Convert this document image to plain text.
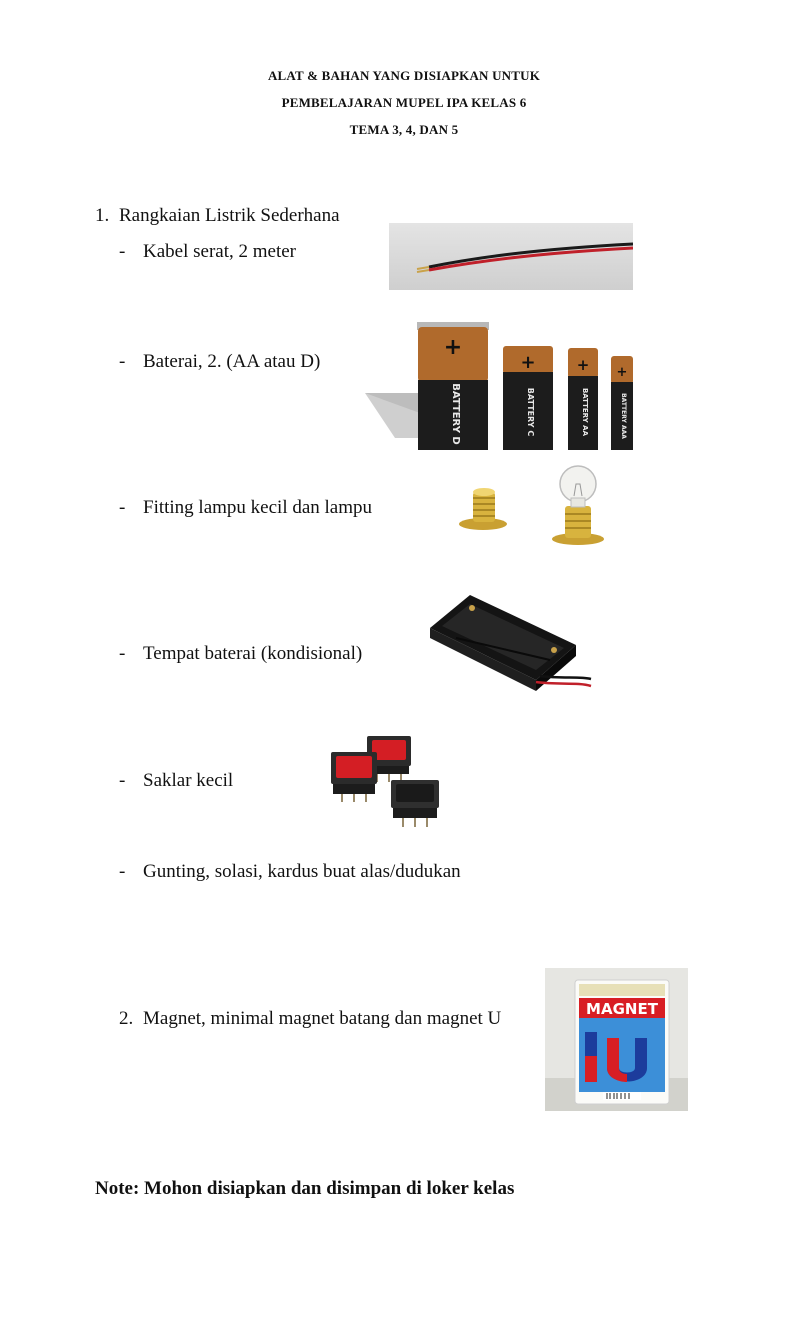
ALAT & BAHAN YANG DISIAPKAN UNTUK
PEMBELAJARAN MUPEL IPA KELAS 6
TEMA 3, 4, DAN 5
1. Rangkaian Listrik Sederhana
- Kabel serat, 2 meter
- Baterai, 2. (AA atau D)
+
BATTERY D
+
BATTERY C
+
BATTERY AA
+
BATTERY AAA
- Fitting lampu kecil dan lampu
- Tempat baterai (kondisional)
- Saklar kecil
- Gunting, solasi, kardus buat alas/dudukan
2. Magnet, minimal magnet batang dan magnet U	MAGNET
Note: Mohon disiapkan dan disimpan di loker kelas
